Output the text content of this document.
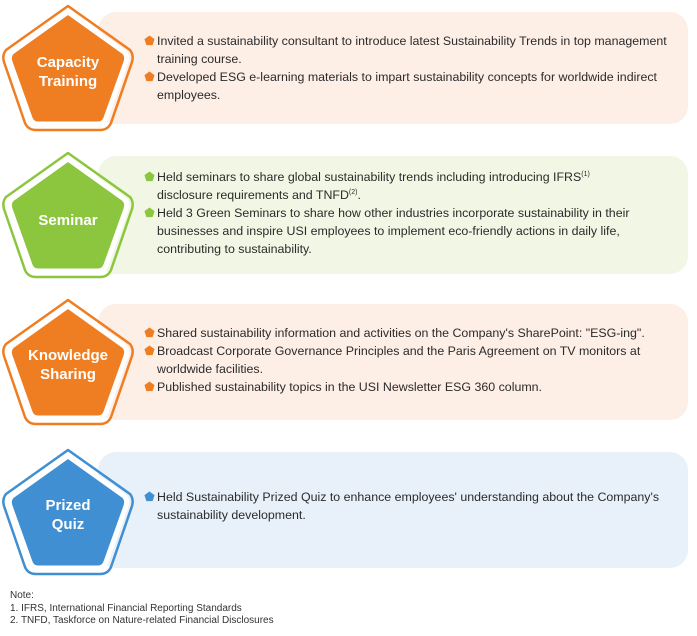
Capacity
Training
Invited a sustainability consultant to introduce latest Sustainability Trends in top management training course.
Developed ESG e-learning materials to impart sustainability concepts for worldwide indirect employees.
Seminar
Held seminars to share global sustainability trends including introducing IFRS$^{(1)}$
disclosure requirements and TNFD$^{(2)}$.
Held 3 Green Seminars to share how other industries incorporate sustainability in their businesses and inspire USI employees to implement eco-friendly actions in daily life, contributing to sustainability.
Knowledge
Sharing
Shared sustainability information and activities on the Company's SharePoint: "ESG-ing".
Broadcast Corporate Governance Principles and the Paris Agreement on TV monitors at worldwide facilities.
Published sustainability topics in the USI Newsletter ESG 360 column.
Prized
Quiz
Held Sustainability Prized Quiz to enhance employees' understanding about the Company's sustainability development.
Note:
1. IFRS, International Financial Reporting Standards
2. TNFD, Taskforce on Nature-related Financial Disclosures
